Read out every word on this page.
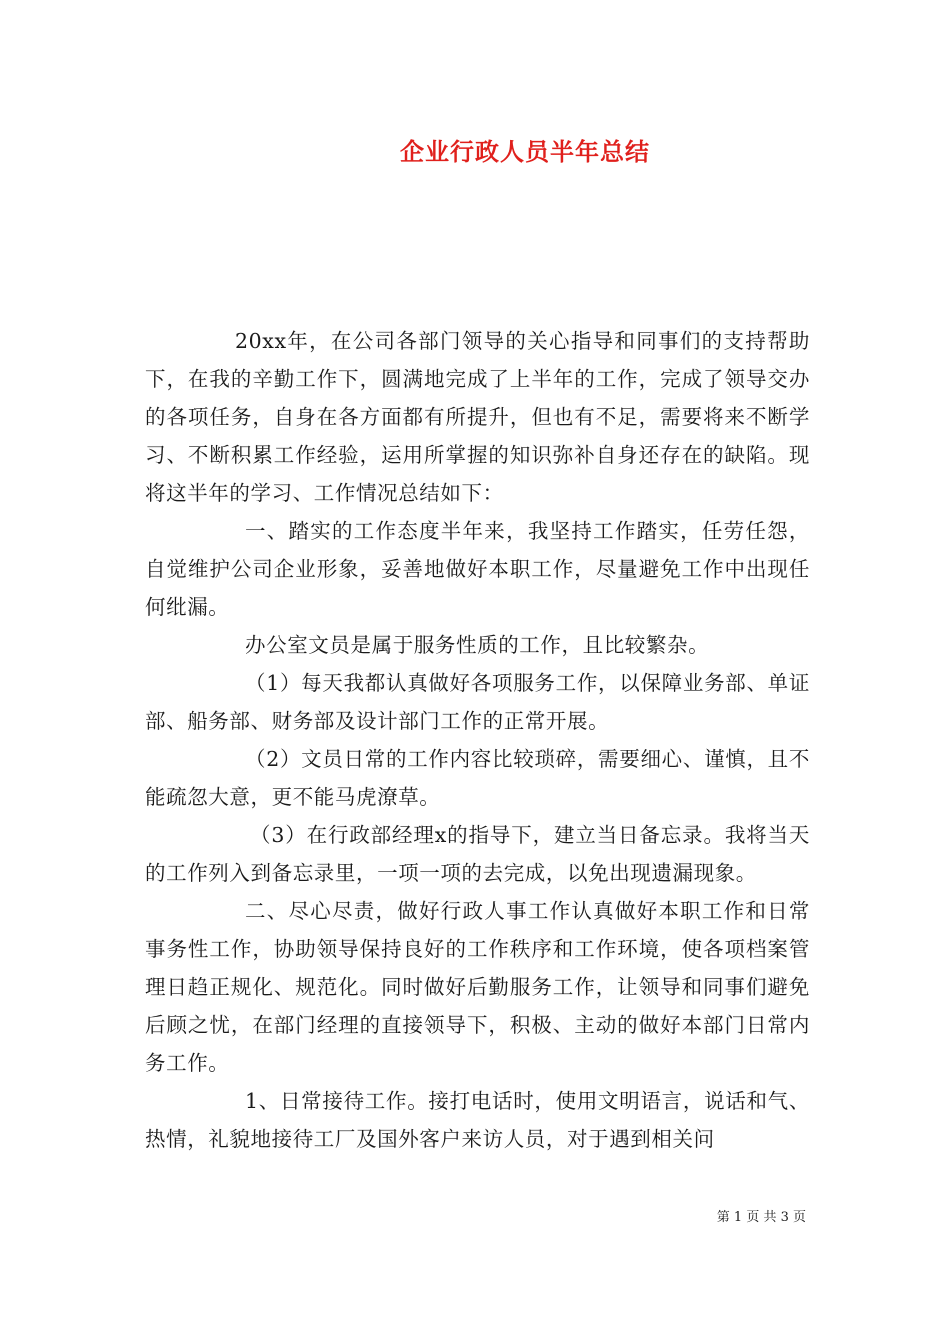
企业行政人员半年总结

20xx年，在公司各部门领导的关心指导和同事们的支持帮助下，在我的辛勤工作下，圆满地完成了上半年的工作，完成了领导交办的各项任务，自身在各方面都有所提升，但也有不足，需要将来不断学习、不断积累工作经验，运用所掌握的知识弥补自身还存在的缺陷。现将这半年的学习、工作情况总结如下：

一、踏实的工作态度半年来，我坚持工作踏实，任劳任怨，自觉维护公司企业形象，妥善地做好本职工作，尽量避免工作中出现任何纰漏。

办公室文员是属于服务性质的工作，且比较繁杂。

（1）每天我都认真做好各项服务工作，以保障业务部、单证部、船务部、财务部及设计部门工作的正常开展。

（2）文员日常的工作内容比较琐碎，需要细心、谨慎，且不能疏忽大意，更不能马虎潦草。

（3）在行政部经理x的指导下，建立当日备忘录。我将当天的工作列入到备忘录里，一项一项的去完成，以免出现遗漏现象。

二、尽心尽责，做好行政人事工作认真做好本职工作和日常事务性工作，协助领导保持良好的工作秩序和工作环境，使各项档案管理日趋正规化、规范化。同时做好后勤服务工作，让领导和同事们避免后顾之忧，在部门经理的直接领导下，积极、主动的做好本部门日常内务工作。

1、日常接待工作。接打电话时，使用文明语言，说话和气、热情，礼貌地接待工厂及国外客户来访人员，对于遇到相关问

第 1 页 共 3 页
